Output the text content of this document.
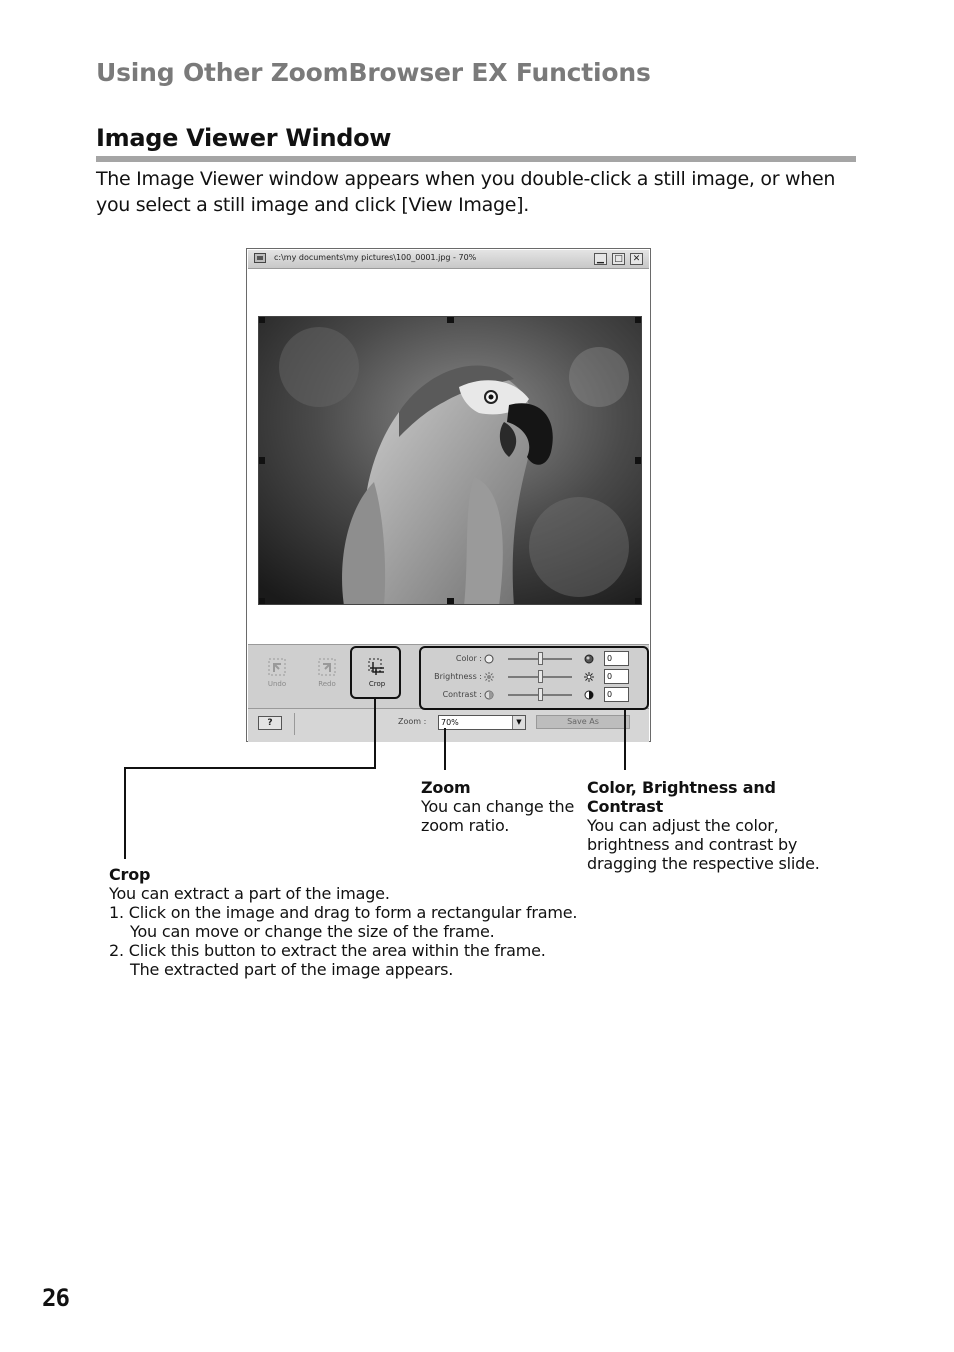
Using Other ZoomBrowser EX Functions
Image Viewer Window

The Image Viewer window appears when you double-click a still image, or when you select a still image and click [View Image].

c:\my documents\my pictures\100_0001.jpg - 70%	▁	□	✕
Undo	Redo	Crop
Color :	0
Brightness :	0
Contrast :	0
?	Zoom :	70%	▼	Save As
Zoom
You can change the zoom ratio.
Color, Brightness and Contrast
You can adjust the color, brightness and contrast by dragging the respective slide.
Crop
You can extract a part of the image.
1. Click on the image and drag to form a rectangular frame.
You can move or change the size of the frame.
2. Click this button to extract the area within the frame.
The extracted part of the image appears.
26
